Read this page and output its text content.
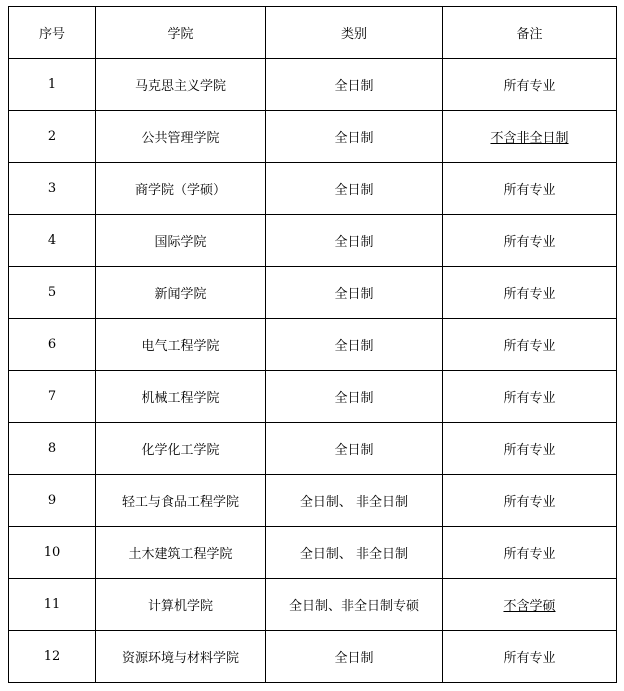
序号	学院	类别	备注
1	马克思主义学院	全日制	所有专业
2	公共管理学院	全日制	不含非全日制
3	商学院（学硕）	全日制	所有专业
4	国际学院	全日制	所有专业
5	新闻学院	全日制	所有专业
6	电气工程学院	全日制	所有专业
7	机械工程学院	全日制	所有专业
8	化学化工学院	全日制	所有专业
9	轻工与食品工程学院	全日制、 非全日制	所有专业
10	土木建筑工程学院	全日制、 非全日制	所有专业
11	计算机学院	全日制、非全日制专硕	不含学硕
12	资源环境与材料学院	全日制	所有专业
